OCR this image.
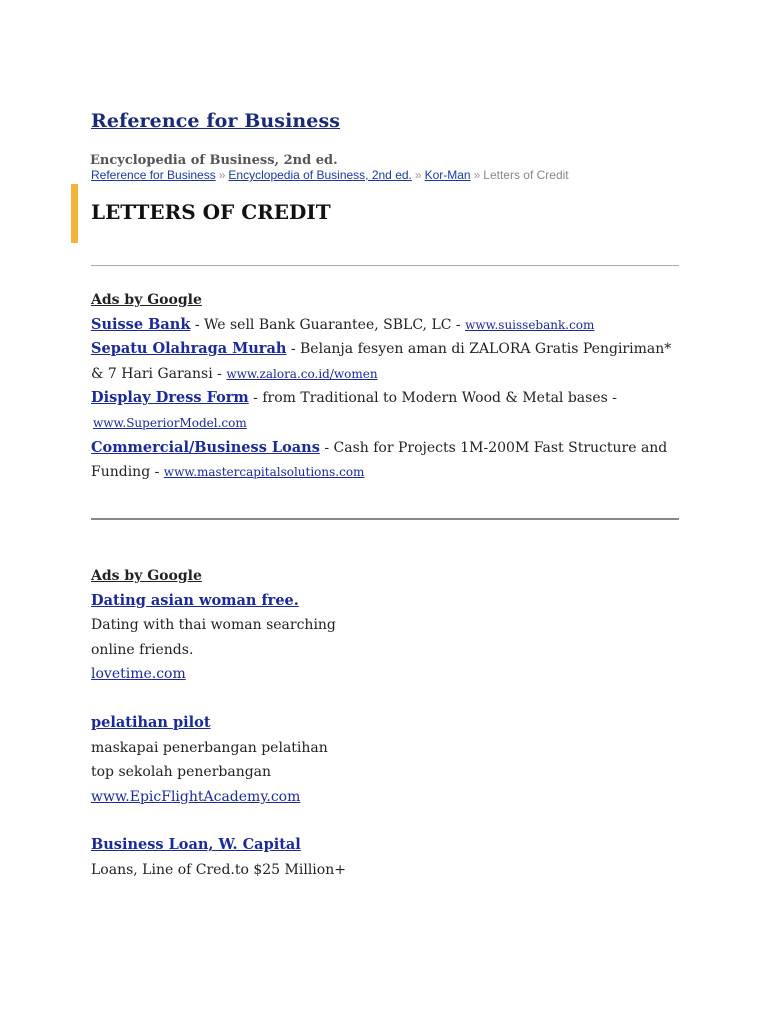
Reference for Business
Encyclopedia of Business, 2nd ed.
Reference for Business » Encyclopedia of Business, 2nd ed. » Kor-Man » Letters of Credit
LETTERS OF CREDIT
Ads by Google
Suisse Bank - We sell Bank Guarantee, SBLC, LC - www.suissebank.com
Sepatu Olahraga Murah - Belanja fesyen aman di ZALORA Gratis Pengiriman* & 7 Hari Garansi - www.zalora.co.id/women
Display Dress Form - from Traditional to Modern Wood & Metal bases -
www.SuperiorModel.com
Commercial/Business Loans - Cash for Projects 1M-200M Fast Structure and Funding - www.mastercapitalsolutions.com
Ads by Google
Dating asian woman free.
Dating with thai woman searching
online friends.
lovetime.com
pelatihan pilot
maskapai penerbangan pelatihan
top sekolah penerbangan
www.EpicFlightAcademy.com
Business Loan, W. Capital
Loans, Line of Cred.to $25 Million+
